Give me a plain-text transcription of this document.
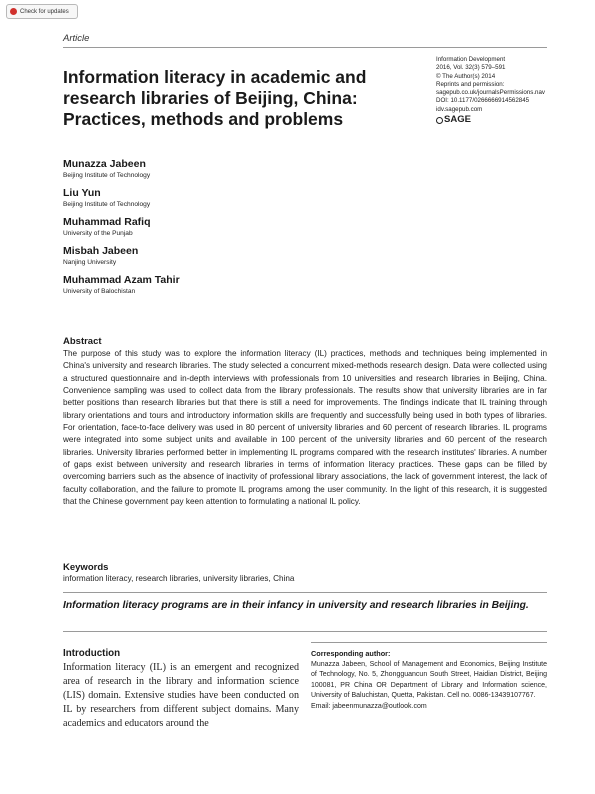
Check for updates
Article
Information literacy in academic and research libraries of Beijing, China: Practices, methods and problems
Information Development
2016, Vol. 32(3) 579–591
© The Author(s) 2014
Reprints and permission:
sagepub.co.uk/journalsPermissions.nav
DOI: 10.1177/0266666914562845
idv.sagepub.com
SAGE
Munazza Jabeen
Beijing Institute of Technology
Liu Yun
Beijing Institute of Technology
Muhammad Rafiq
University of the Punjab
Misbah Jabeen
Nanjing University
Muhammad Azam Tahir
University of Balochistan
Abstract

The purpose of this study was to explore the information literacy (IL) practices, methods and techniques being implemented in China's university and research libraries. The study selected a concurrent mixed-methods research design. Data were collected using a structured questionnaire and in-depth interviews with professionals from 10 universities and research libraries in Beijing, China. Convenience sampling was used to collect data from the library professionals. The results show that university libraries are in far better positions than research libraries but that there is still a need for improvements. The findings indicate that IL training through library orientations and tours and introductory information skills are frequently and successfully being used in both types of libraries. For orientation, face-to-face delivery was used in 80 percent of university libraries and 60 percent of research libraries. IL programs were integrated into some subject units and available in 100 percent of the university libraries and 60 percent of the research libraries. University libraries performed better in implementing IL programs compared with the research institutes' libraries. A number of gaps exist between university and research libraries in terms of information literacy practices. These gaps can be filled by overcoming barriers such as the absence of inactivity of professional library associations, the lack of government interest, the lack of faculty collaboration, and the failure to promote IL programs among the user community. In the light of this research, it is suggested that the Chinese government pay keen attention to formulating a national IL policy.

Keywords
information literacy, research libraries, university libraries, China

Information literacy programs are in their infancy in university and research libraries in Beijing.

Introduction

Information literacy (IL) is an emergent and recognized area of research in the library and information science (LIS) domain. Extensive studies have been conducted on IL by researchers from different subject domains. Many academics and educators around the

Corresponding author:
Munazza Jabeen, School of Management and Economics, Beijing Institute of Technology, No. 5, Zhongguancun South Street, Haidian District, Beijing 100081, PR China OR Department of Library and Information science, University of Baluchistan, Quetta, Pakistan. Cell no. 0086-13439107767.
Email: jabeenmunazza@outlook.com
